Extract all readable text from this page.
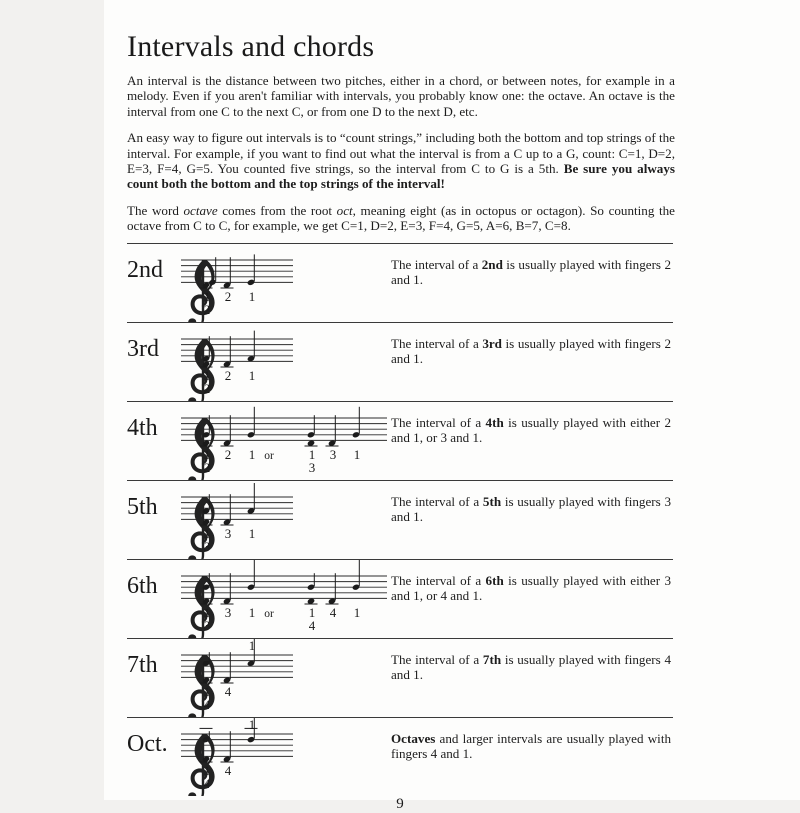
Intervals and chords

An interval is the distance between two pitches, either in a chord, or between notes, for example in a melody. Even if you aren't familiar with intervals, you probably know one: the octave. An octave is the interval from one C to the next C, or from one D to the next D, etc.

An easy way to figure out intervals is to “count strings,” including both the bottom and top strings of the interval. For example, if you want to find out what the interval is from a C up to a G, count: C=1, D=2, E=3, F=4, G=5. You counted five strings, so the interval from C to G is a 5th. Be sure you always count both the bottom and the top strings of the interval!

The word octave comes from the root oct, meaning eight (as in octopus or octagon). So counting the octave from C to C, for example, we get C=1, D=2, E=3, F=4, G=5, A=6, B=7, C=8.

2nd
1
2
2 1
The interval of a 2nd is usually played with fingers 2 and 1.
3rd
1
2
2 1
The interval of a 3rd is usually played with fingers 2 and 1.
4th
1
2
2 1 or	1
3
3 1
The interval of a 4th is usually played with either 2 and 1, or 3 and 1.
5th
1
3
3 1
The interval of a 5th is usually played with fingers 3 and 1.
6th
1
3
3 1 or	1
4
4 1
The interval of a 6th is usually played with either 3 and 1, or 4 and 1.
7th
1
4
4
1
The interval of a 7th is usually played with fingers 4 and 1.
Oct.
1
4
4
1
Octaves and larger intervals are usually played with fingers 4 and 1.
9
